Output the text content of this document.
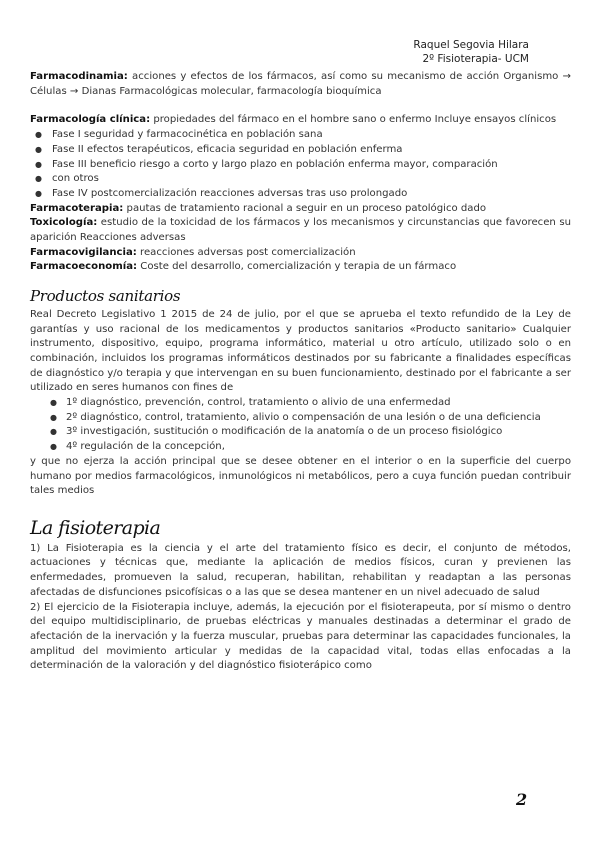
Raquel Segovia Hilara
2º Fisioterapia- UCM

Farmacodinamia: acciones y efectos de los fármacos, así como su mecanismo de acción Organismo → Células → Dianas Farmacológicas molecular, farmacología bioquímica

Farmacología clínica: propiedades del fármaco en el hombre sano o enfermo Incluye ensayos clínicos

● Fase I seguridad y farmacocinética en población sana
● Fase II efectos terapéuticos, eficacia seguridad en población enferma
● Fase III beneficio riesgo a corto y largo plazo en población enferma mayor, comparación
● con otros
● Fase IV postcomercialización reacciones adversas tras uso prolongado

Farmacoterapia: pautas de tratamiento racional a seguir en un proceso patológico dado

Toxicología: estudio de la toxicidad de los fármacos y los mecanismos y circunstancias que favorecen su aparición Reacciones adversas

Farmacovigilancia: reacciones adversas post comercialización

Farmacoeconomía: Coste del desarrollo, comercialización y terapia de un fármaco

Productos sanitarios

Real Decreto Legislativo 1 2015 de 24 de julio, por el que se aprueba el texto refundido de la Ley de garantías y uso racional de los medicamentos y productos sanitarios «Producto sanitario» Cualquier instrumento, dispositivo, equipo, programa informático, material u otro artículo, utilizado solo o en combinación, incluidos los programas informáticos destinados por su fabricante a finalidades específicas de diagnóstico y/o terapia y que intervengan en su buen funcionamiento, destinado por el fabricante a ser utilizado en seres humanos con fines de

● 1º diagnóstico, prevención, control, tratamiento o alivio de una enfermedad
● 2º diagnóstico, control, tratamiento, alivio o compensación de una lesión o de una deficiencia
● 3º investigación, sustitución o modificación de la anatomía o de un proceso fisiológico
● 4º regulación de la concepción,

y que no ejerza la acción principal que se desee obtener en el interior o en la superficie del cuerpo humano por medios farmacológicos, inmunológicos ni metabólicos, pero a cuya función puedan contribuir tales medios

La fisioterapia

1) La Fisioterapia es la ciencia y el arte del tratamiento físico es decir, el conjunto de métodos, actuaciones y técnicas que, mediante la aplicación de medios físicos, curan y previenen las enfermedades, promueven la salud, recuperan, habilitan, rehabilitan y readaptan a las personas afectadas de disfunciones psicofísicas o a las que se desea mantener en un nivel adecuado de salud

2) El ejercicio de la Fisioterapia incluye, además, la ejecución por el fisioterapeuta, por sí mismo o dentro del equipo multidisciplinario, de pruebas eléctricas y manuales destinadas a determinar el grado de afectación de la inervación y la fuerza muscular, pruebas para determinar las capacidades funcionales, la amplitud del movimiento articular y medidas de la capacidad vital, todas ellas enfocadas a la determinación de la valoración y del diagnóstico fisioterápico como

2
